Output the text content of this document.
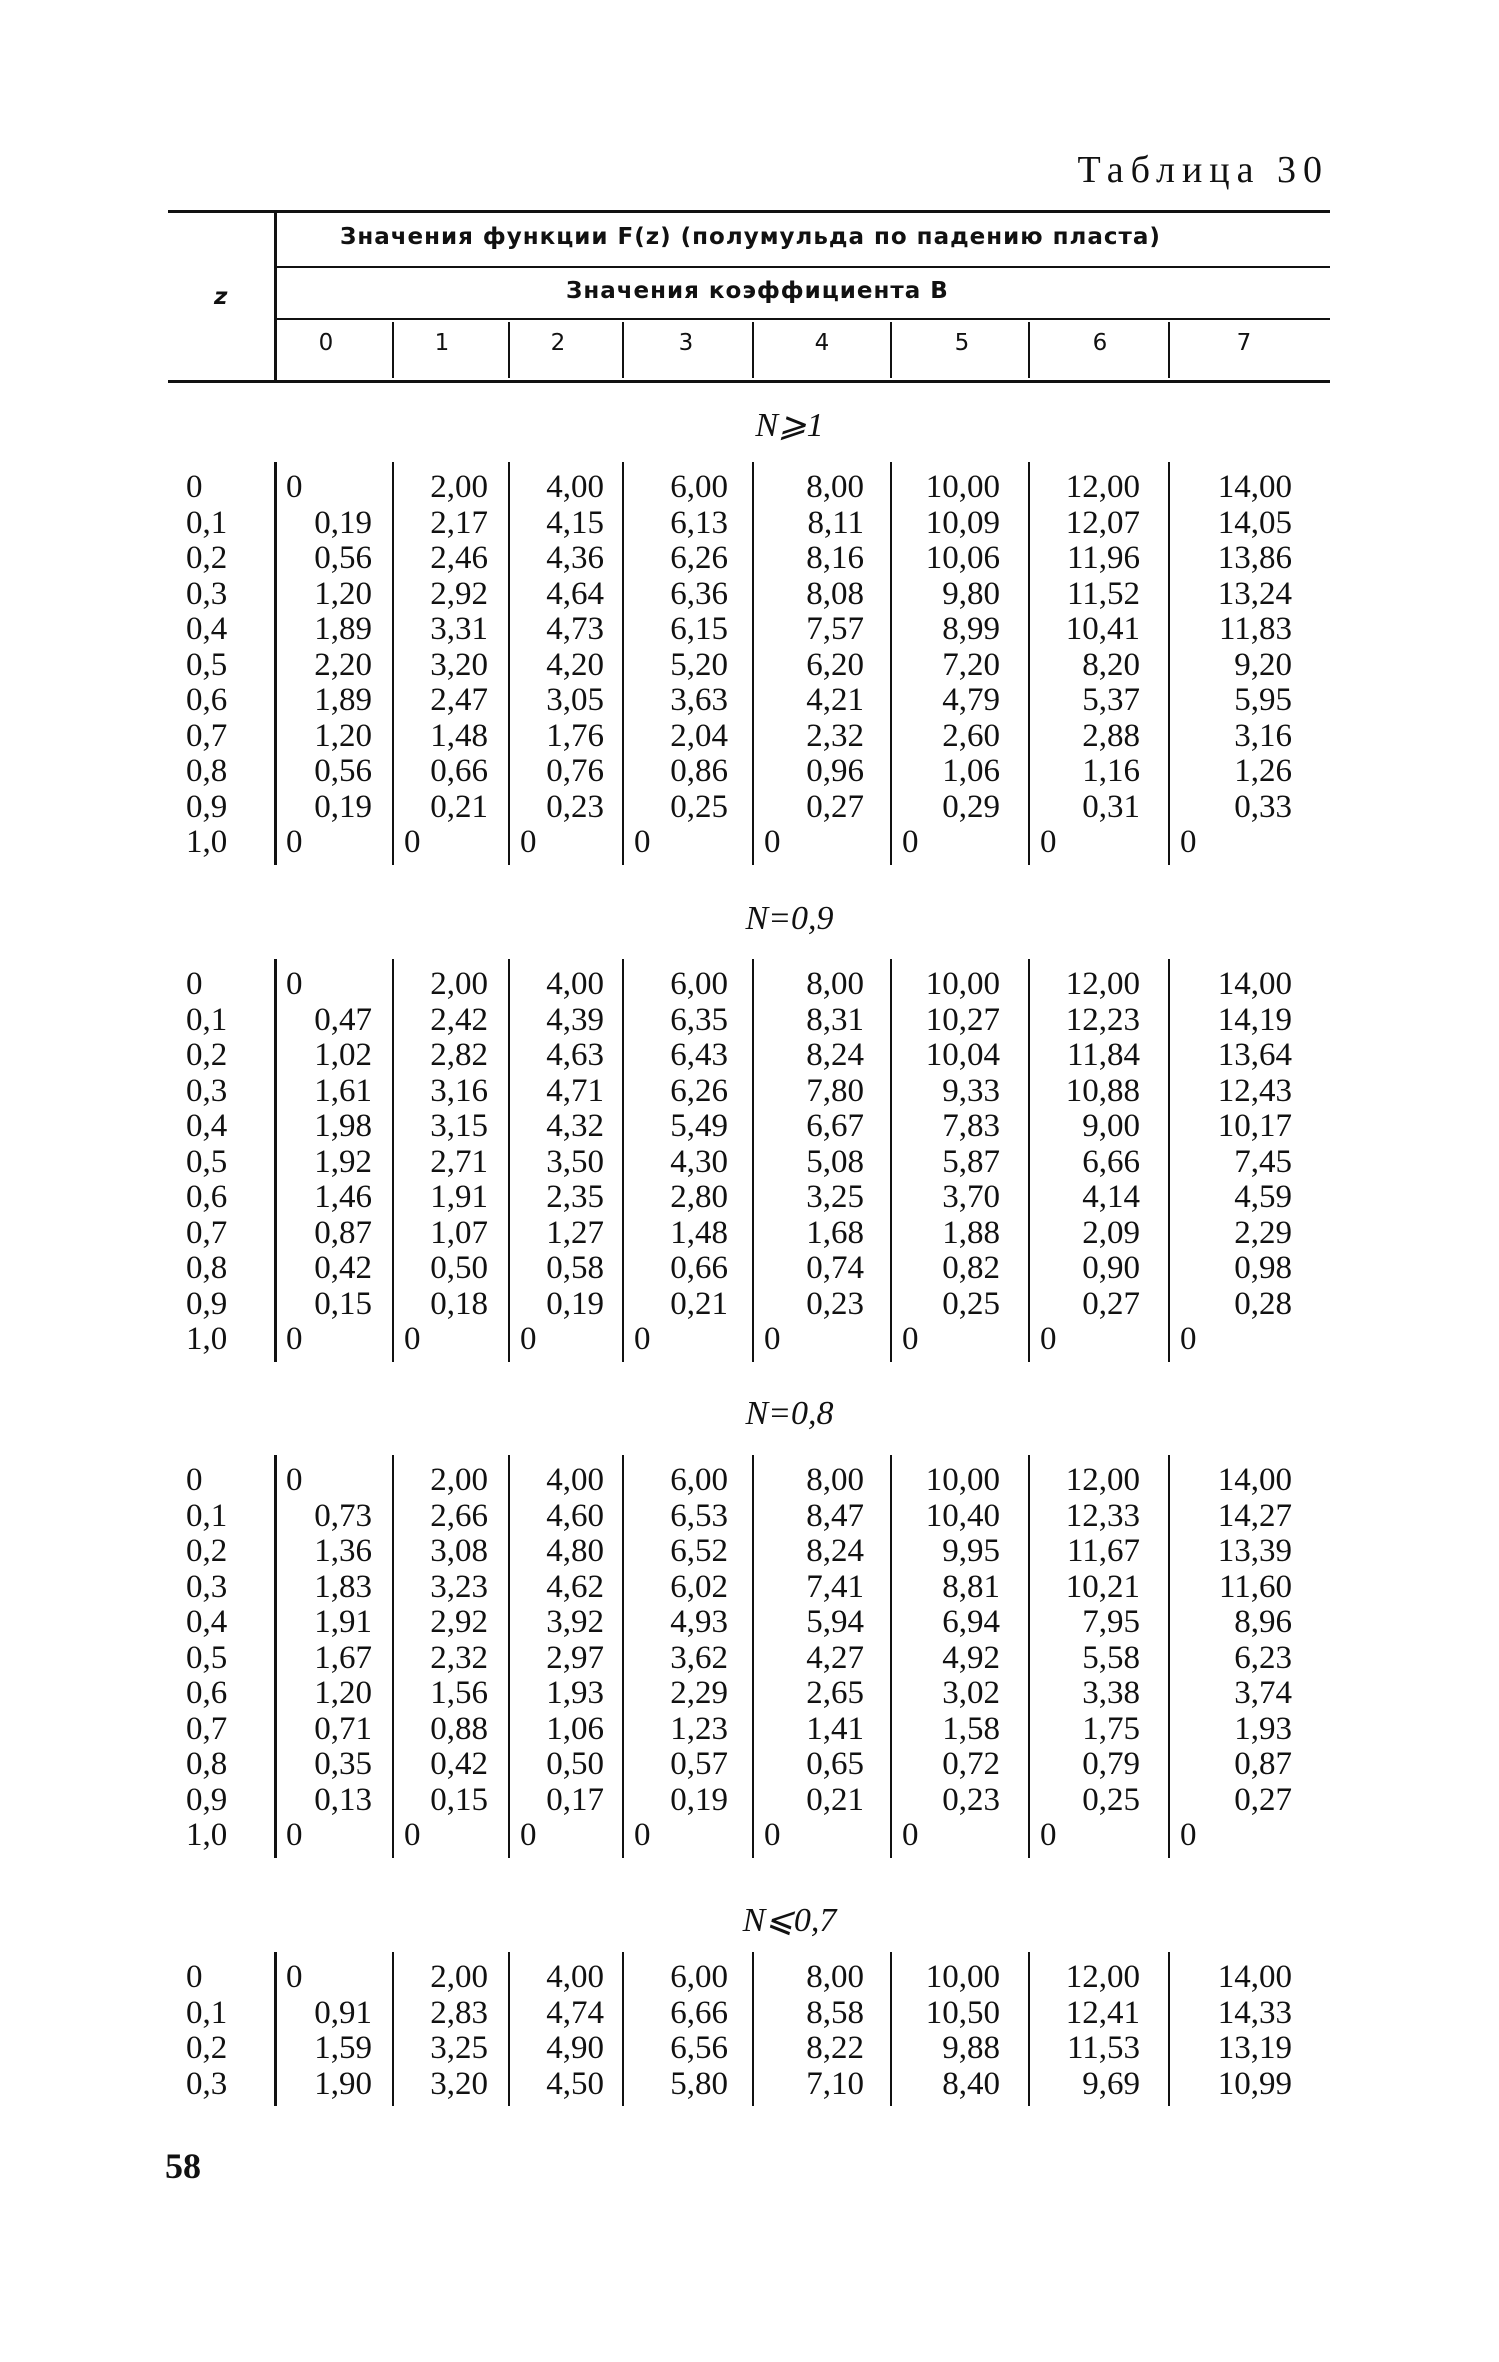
Таблица 30
z
Значения функции F(z) (полумульда по падению пласта)
Значения коэффициента B
0	1	2	3	4	5	6	7
N⩾1
0	0	2,00	4,00	6,00	8,00	10,00	12,00	14,00
0,1	0,19	2,17	4,15	6,13	8,11	10,09	12,07	14,05
0,2	0,56	2,46	4,36	6,26	8,16	10,06	11,96	13,86
0,3	1,20	2,92	4,64	6,36	8,08	9,80	11,52	13,24
0,4	1,89	3,31	4,73	6,15	7,57	8,99	10,41	11,83
0,5	2,20	3,20	4,20	5,20	6,20	7,20	8,20	9,20
0,6	1,89	2,47	3,05	3,63	4,21	4,79	5,37	5,95
0,7	1,20	1,48	1,76	2,04	2,32	2,60	2,88	3,16
0,8	0,56	0,66	0,76	0,86	0,96	1,06	1,16	1,26
0,9	0,19	0,21	0,23	0,25	0,27	0,29	0,31	0,33
1,0	0	0	0	0	0	0	0	0
N=0,9
0	0	2,00	4,00	6,00	8,00	10,00	12,00	14,00
0,1	0,47	2,42	4,39	6,35	8,31	10,27	12,23	14,19
0,2	1,02	2,82	4,63	6,43	8,24	10,04	11,84	13,64
0,3	1,61	3,16	4,71	6,26	7,80	9,33	10,88	12,43
0,4	1,98	3,15	4,32	5,49	6,67	7,83	9,00	10,17
0,5	1,92	2,71	3,50	4,30	5,08	5,87	6,66	7,45
0,6	1,46	1,91	2,35	2,80	3,25	3,70	4,14	4,59
0,7	0,87	1,07	1,27	1,48	1,68	1,88	2,09	2,29
0,8	0,42	0,50	0,58	0,66	0,74	0,82	0,90	0,98
0,9	0,15	0,18	0,19	0,21	0,23	0,25	0,27	0,28
1,0	0	0	0	0	0	0	0	0
N=0,8
0	0	2,00	4,00	6,00	8,00	10,00	12,00	14,00
0,1	0,73	2,66	4,60	6,53	8,47	10,40	12,33	14,27
0,2	1,36	3,08	4,80	6,52	8,24	9,95	11,67	13,39
0,3	1,83	3,23	4,62	6,02	7,41	8,81	10,21	11,60
0,4	1,91	2,92	3,92	4,93	5,94	6,94	7,95	8,96
0,5	1,67	2,32	2,97	3,62	4,27	4,92	5,58	6,23
0,6	1,20	1,56	1,93	2,29	2,65	3,02	3,38	3,74
0,7	0,71	0,88	1,06	1,23	1,41	1,58	1,75	1,93
0,8	0,35	0,42	0,50	0,57	0,65	0,72	0,79	0,87
0,9	0,13	0,15	0,17	0,19	0,21	0,23	0,25	0,27
1,0	0	0	0	0	0	0	0	0
N⩽0,7
0	0	2,00	4,00	6,00	8,00	10,00	12,00	14,00
0,1	0,91	2,83	4,74	6,66	8,58	10,50	12,41	14,33
0,2	1,59	3,25	4,90	6,56	8,22	9,88	11,53	13,19
0,3	1,90	3,20	4,50	5,80	7,10	8,40	9,69	10,99
58
